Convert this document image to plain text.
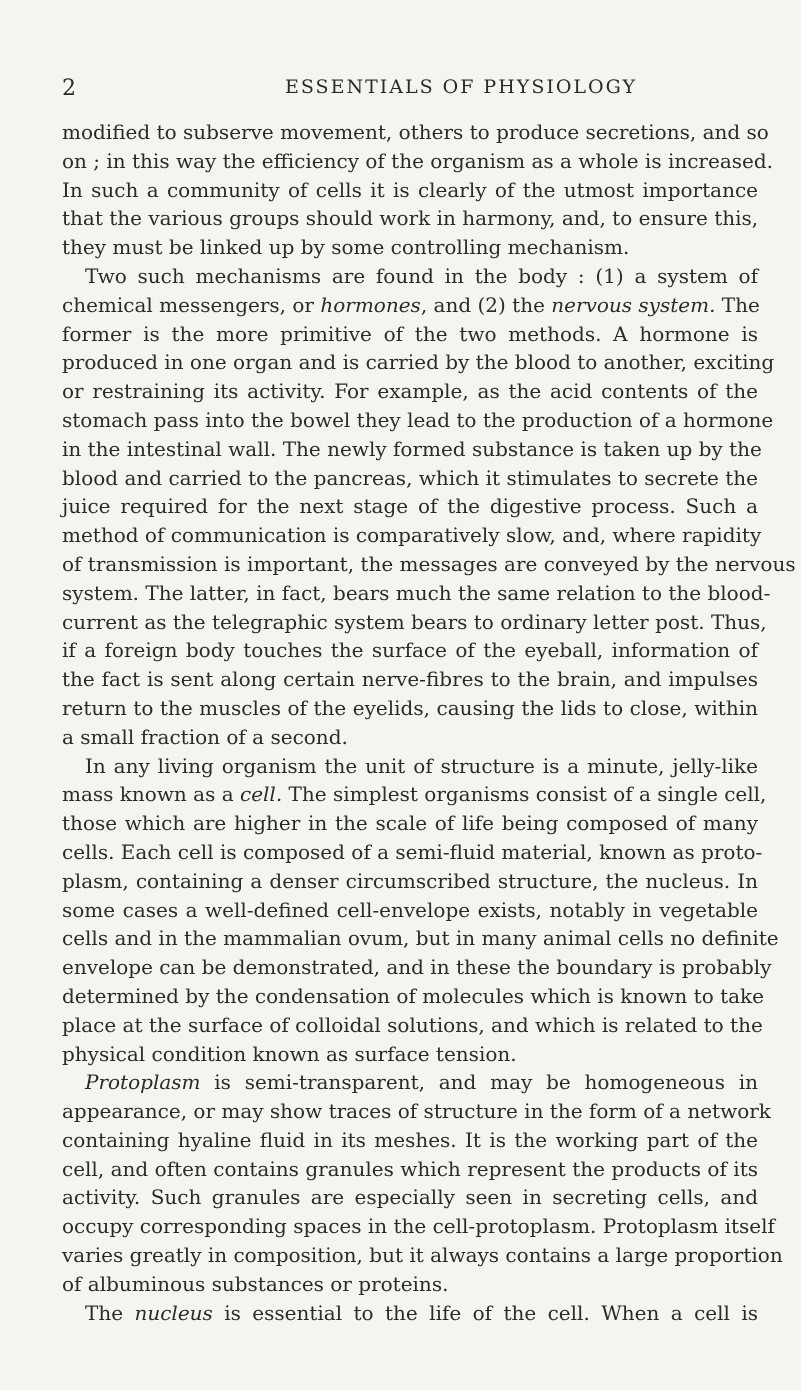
2	ESSENTIALS OF PHYSIOLOGY
modified to subserve movement, others to produce secretions, and so
on ; in this way the efficiency of the organism as a whole is increased.
In such a community of cells it is clearly of the utmost importance
that the various groups should work in harmony, and, to ensure this,
they must be linked up by some controlling mechanism.
Two such mechanisms are found in the body : (1) a system of
chemical messengers, or hormones, and (2) the nervous system. The
former is the more primitive of the two methods. A hormone is
produced in one organ and is carried by the blood to another, exciting
or restraining its activity. For example, as the acid contents of the
stomach pass into the bowel they lead to the production of a hormone
in the intestinal wall. The newly formed substance is taken up by the
blood and carried to the pancreas, which it stimulates to secrete the
juice required for the next stage of the digestive process. Such a
method of communication is comparatively slow, and, where rapidity
of transmission is important, the messages are conveyed by the nervous
system. The latter, in fact, bears much the same relation to the blood-
current as the telegraphic system bears to ordinary letter post. Thus,
if a foreign body touches the surface of the eyeball, information of
the fact is sent along certain nerve-fibres to the brain, and impulses
return to the muscles of the eyelids, causing the lids to close, within
a small fraction of a second.
In any living organism the unit of structure is a minute, jelly-like
mass known as a cell. The simplest organisms consist of a single cell,
those which are higher in the scale of life being composed of many
cells. Each cell is composed of a semi-fluid material, known as proto-
plasm, containing a denser circumscribed structure, the nucleus. In
some cases a well-defined cell-envelope exists, notably in vegetable
cells and in the mammalian ovum, but in many animal cells no definite
envelope can be demonstrated, and in these the boundary is probably
determined by the condensation of molecules which is known to take
place at the surface of colloidal solutions, and which is related to the
physical condition known as surface tension.
Protoplasm is semi-transparent, and may be homogeneous in
appearance, or may show traces of structure in the form of a network
containing hyaline fluid in its meshes. It is the working part of the
cell, and often contains granules which represent the products of its
activity. Such granules are especially seen in secreting cells, and
occupy corresponding spaces in the cell-protoplasm. Protoplasm itself
varies greatly in composition, but it always contains a large proportion
of albuminous substances or proteins.
The nucleus is essential to the life of the cell. When a cell is
